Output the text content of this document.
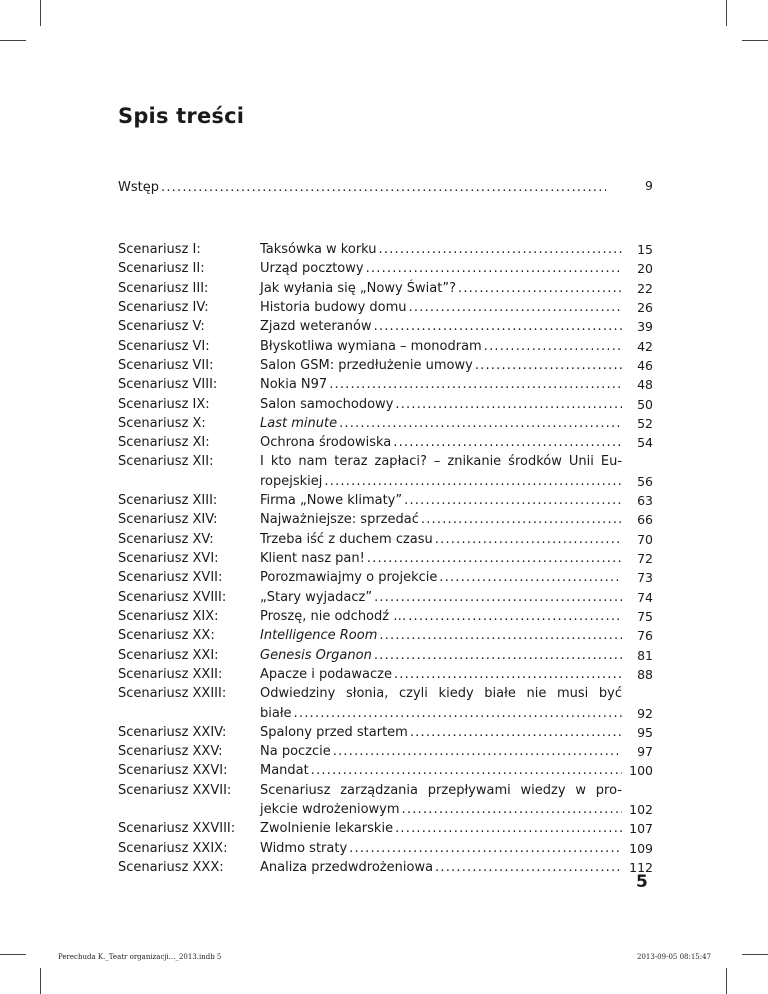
Spis treści
Wstęp .....	9
Scenariusz I:	Taksówka w korku .....	15
Scenariusz II:	Urząd pocztowy .....	20
Scenariusz III:	Jak wyłania się „Nowy Świat”? .....	22
Scenariusz IV:	Historia budowy domu .....	26
Scenariusz V:	Zjazd weteranów .....	39
Scenariusz VI:	Błyskotliwa wymiana – monodram .....	42
Scenariusz VII:	Salon GSM: przedłużenie umowy .....	46
Scenariusz VIII:	Nokia N97 .....	48
Scenariusz IX:	Salon samochodowy .....	50
Scenariusz X:	Last minute .....	52
Scenariusz XI:	Ochrona środowiska .....	54
Scenariusz XII:	I kto nam teraz zapłaci? – znikanie środków Unii Eu-
ropejskiej .....	56
Scenariusz XIII:	Firma „Nowe klimaty” .....	63
Scenariusz XIV:	Najważniejsze: sprzedać .....	66
Scenariusz XV:	Trzeba iść z duchem czasu .....	70
Scenariusz XVI:	Klient nasz pan! .....	72
Scenariusz XVII:	Porozmawiajmy o projekcie .....	73
Scenariusz XVIII:	„Stary wyjadacz” .....	74
Scenariusz XIX:	Proszę, nie odchodź … .....	75
Scenariusz XX:	Intelligence Room .....	76
Scenariusz XXI:	Genesis Organon .....	81
Scenariusz XXII:	Apacze i podawacze .....	88
Scenariusz XXIII:	Odwiedziny słonia, czyli kiedy białe nie musi być
białe .....	92
Scenariusz XXIV:	Spalony przed startem .....	95
Scenariusz XXV:	Na poczcie .....	97
Scenariusz XXVI:	Mandat .....	100
Scenariusz XXVII: Scenariusz zarządzania przepływami wiedzy w pro-
jekcie wdrożeniowym .....	102
Scenariusz XXVIII: Zwolnienie lekarskie .....	107
Scenariusz XXIX:	Widmo straty .....	109
Scenariusz XXX:	Analiza przedwdrożeniowa .....	112
5
Perechuda K._Teatr organizacji..._2013.indb 5	2013-09-05 08:15:47
